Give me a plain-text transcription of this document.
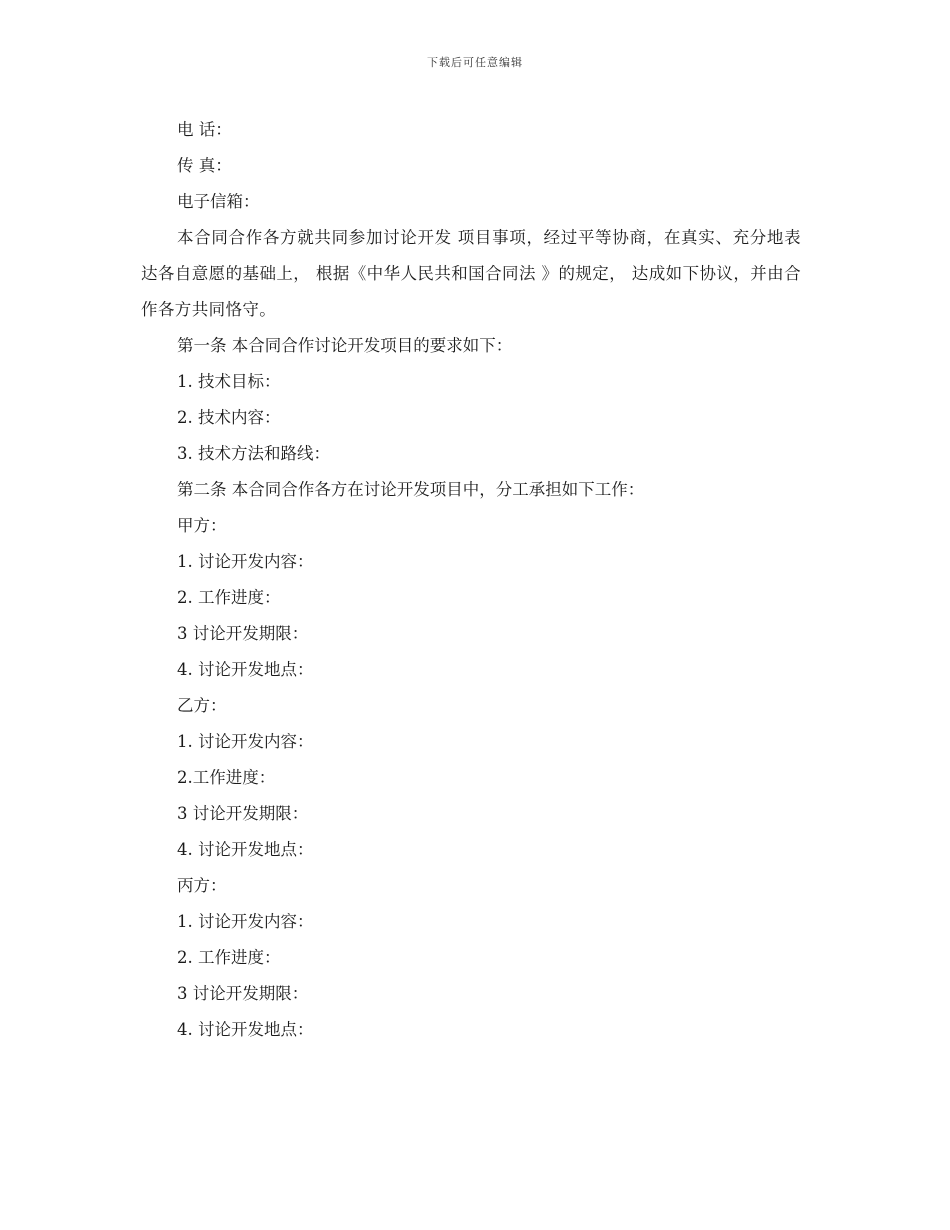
下载后可任意编辑
电 话：
传 真：
电子信箱：

本合同合作各方就共同参加讨论开发 项目事项，经过平等协商，在真实、充分地表达各自意愿的基础上， 根据《中华人民共和国合同法 》的规定， 达成如下协议，并由合作各方共同恪守。

第一条 本合同合作讨论开发项目的要求如下：
1. 技术目标：
2. 技术内容：
3. 技术方法和路线：
第二条 本合同合作各方在讨论开发项目中，分工承担如下工作：
甲方：
1. 讨论开发内容：
2. 工作进度：
3 讨论开发期限：
4. 讨论开发地点：
乙方：
1. 讨论开发内容：
2.工作进度：
3 讨论开发期限：
4. 讨论开发地点：
丙方：
1. 讨论开发内容：
2. 工作进度：
3 讨论开发期限：
4. 讨论开发地点：
